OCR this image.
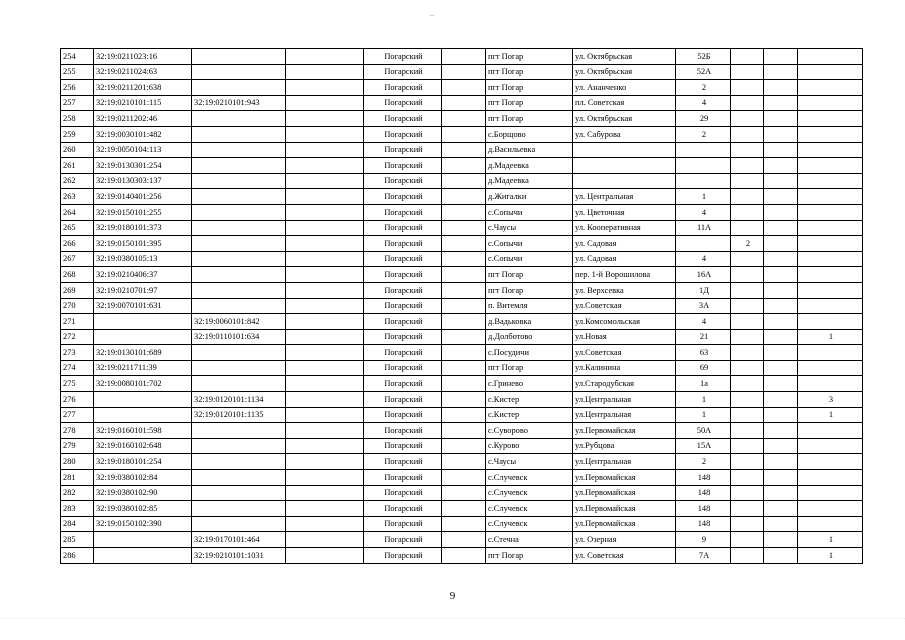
254	32:19:0211023:16			Погарский		пгт Погар	ул. Октябрьская	52Б			
255	32:19:0211024:63			Погарский		пгт Погар	ул. Октябрьская	52А			
256	32:19:0211201:638			Погарский		пгт Погар	ул. Ананченко	2			
257	32:19:0210101:115	32:19:0210101:943		Погарский		пгт Погар	пл. Советская	4			
258	32:19:0211202:46			Погарский		пгт Погар	ул. Октябрьская	29			
259	32:19:0030101:482			Погарский		с.Борщово	ул. Сабурова	2			
260	32:19:0050104:113			Погарский		д.Васильевка					
261	32:19:0130301:254			Погарский		д.Мадеевка					
262	32:19:0130303:137			Погарский		д.Мадеевка					
263	32:19:0140401:256			Погарский		д.Жигалки	ул. Центральная	1			
264	32:19:0150101:255			Погарский		с.Сопычи	ул. Цветочная	4			
265	32:19:0180101:373			Погарский		с.Чаусы	ул. Кооперативная	11А			
266	32:19:0150101:395			Погарский		с.Сопычи	ул. Садовая		2		
267	32:19:0380105:13			Погарский		с.Сопычи	ул. Садовая	4			
268	32:19:0210406:37			Погарский		пгт Погар	пер. 1-й Ворошилова	16А			
269	32:19:0210701:97			Погарский		пгт Погар	ул. Верхсевка	1Д			
270	32:19:0070101:631			Погарский		п. Витемля	ул.Советская	3А			
271		32:19:0060101:842		Погарский		д.Вадьковка	ул.Комсомольская	4			
272		32:19:0110101:634		Погарский		д.Долботово	ул.Новая	21			1
273	32:19:0130101:689			Погарский		с.Посудичи	ул.Советская	63			
274	32:19:0211711:39			Погарский		пгт Погар	ул.Калинина	69			
275	32:19:0080101:702			Погарский		с.Гринево	ул.Стародубская	1а			
276		32:19:0120101:1134		Погарский		с.Кистер	ул.Центральная	1			3
277		32:19:0120101:1135		Погарский		с.Кистер	ул.Центральная	1			1
278	32:19:0160101:598			Погарский		с.Суворово	ул.Первомайская	50А			
279	32:19:0160102:648			Погарский		с.Курово	ул.Рубцова	15А			
280	32:19:0180101:254			Погарский		с.Чаусы	ул.Центральная	2			
281	32:19:0380102:84			Погарский		с.Случевск	ул.Первомайская	148			
282	32:19:0380102:90			Погарский		с.Случевск	ул.Первомайская	148			
283	32:19:0380102:85			Погарский		с.Случевск	ул.Первомайская	148			
284	32:19:0150102:390			Погарский		с.Случевск	ул.Первомайская	148			
285		32:19:0170101:464		Погарский		с.Стечна	ул. Озерная	9			1
286		32:19:0210101:1031		Погарский		пгт Погар	ул. Советская	7А			1
9
